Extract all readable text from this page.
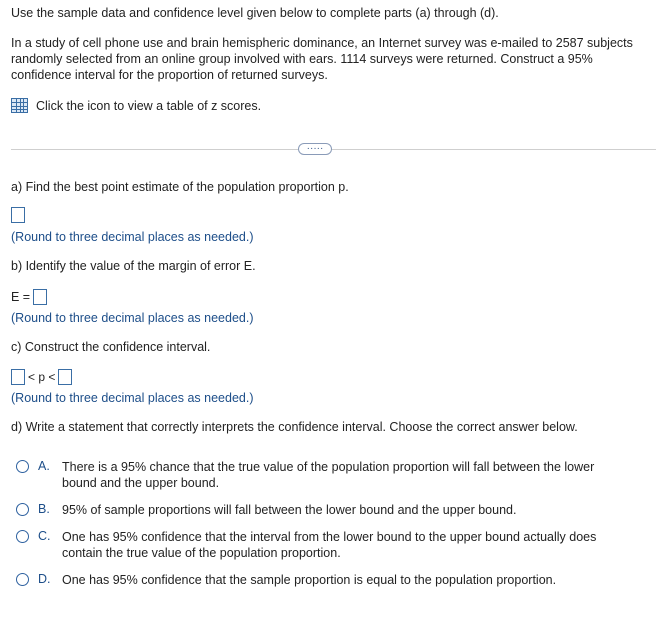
Use the sample data and confidence level given below to complete parts (a) through (d).
In a study of cell phone use and brain hemispheric dominance, an Internet survey was e-mailed to 2587 subjects randomly selected from an online group involved with ears. 1114 surveys were returned. Construct a 95% confidence interval for the proportion of returned surveys.
Click the icon to view a table of z scores.
·····
a) Find the best point estimate of the population proportion p.
(Round to three decimal places as needed.)
b) Identify the value of the margin of error E.
E =
(Round to three decimal places as needed.)
c) Construct the confidence interval.
< p <
(Round to three decimal places as needed.)
d) Write a statement that correctly interprets the confidence interval. Choose the correct answer below.
A. There is a 95% chance that the true value of the population proportion will fall between the lower bound and the upper bound.
B. 95% of sample proportions will fall between the lower bound and the upper bound.
C. One has 95% confidence that the interval from the lower bound to the upper bound actually does contain the true value of the population proportion.
D. One has 95% confidence that the sample proportion is equal to the population proportion.
